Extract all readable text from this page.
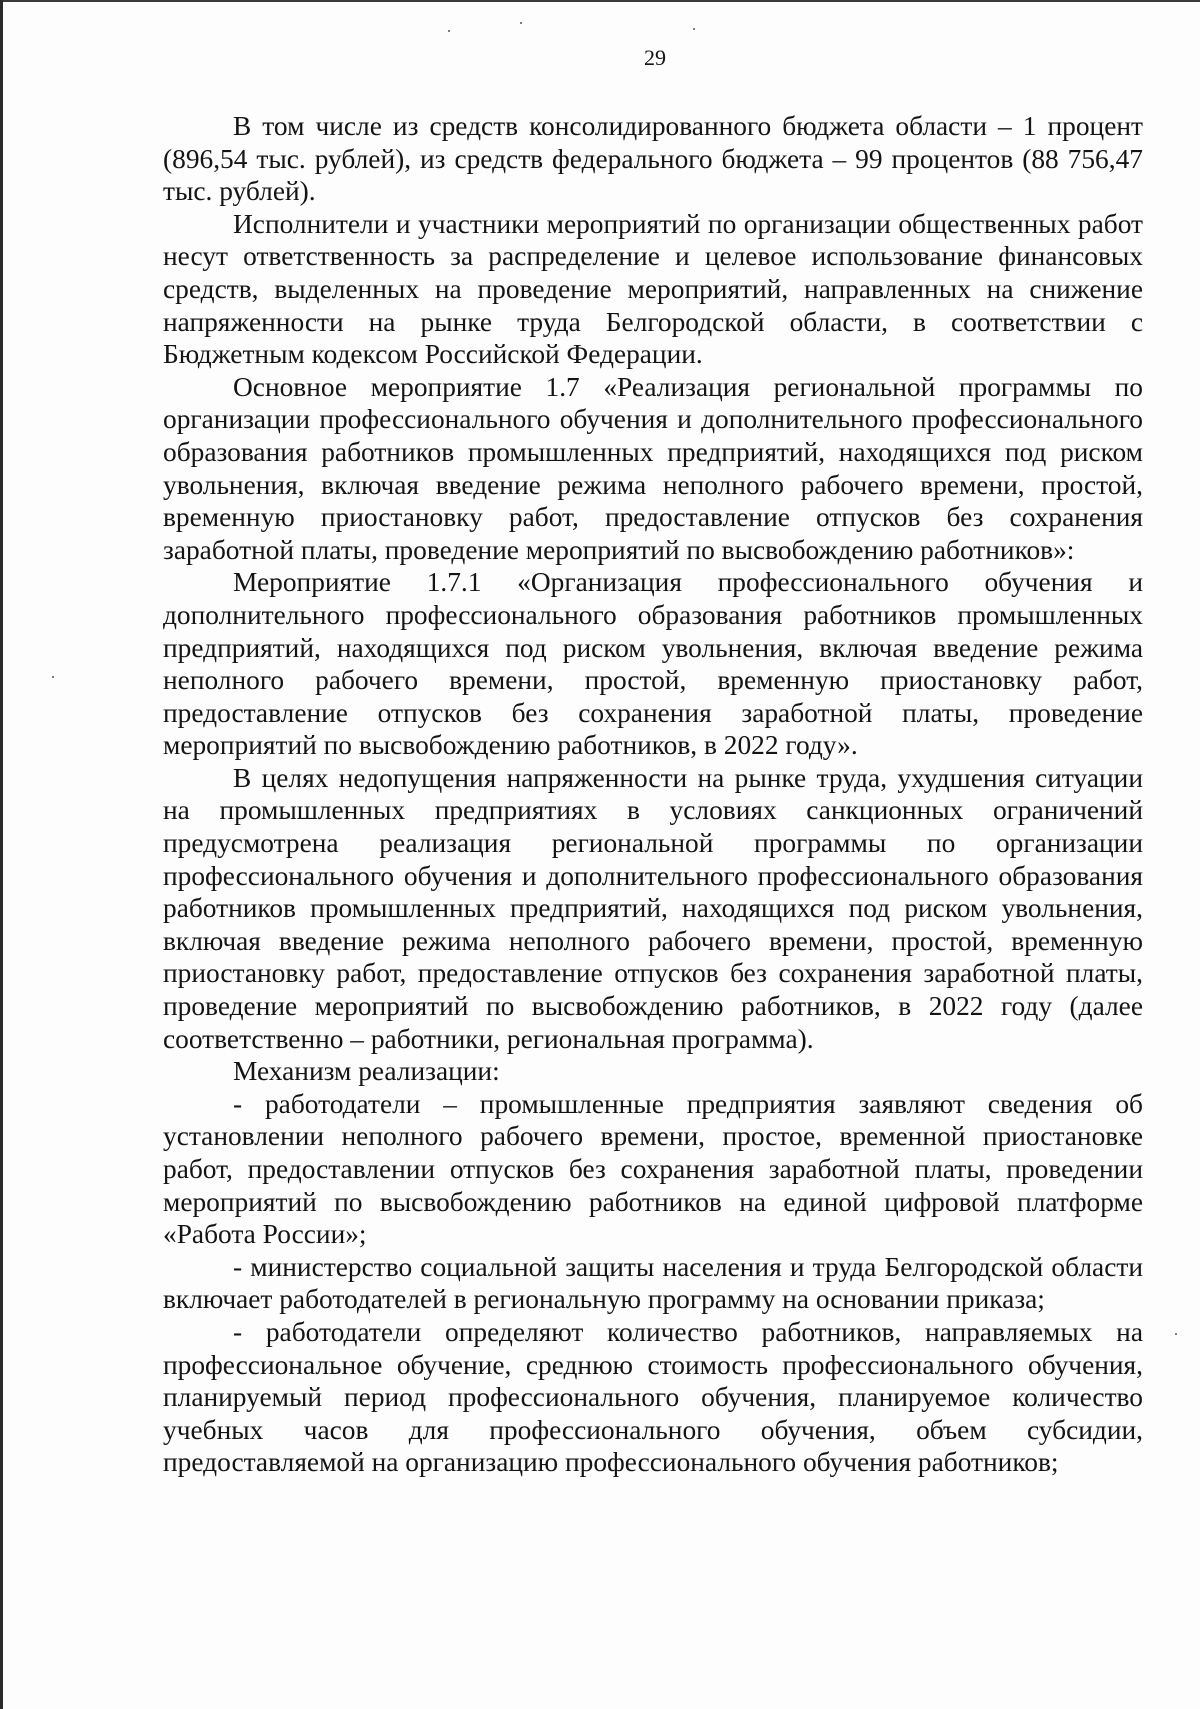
29

В том числе из средств консолидированного бюджета области – 1 процент (896,54 тыс. рублей), из средств федерального бюджета – 99 процентов (88 756,47 тыс. рублей).

Исполнители и участники мероприятий по организации общественных работ несут ответственность за распределение и целевое использование финансовых средств, выделенных на проведение мероприятий, направленных на снижение напряженности на рынке труда Белгородской области, в соответствии с Бюджетным кодексом Российской Федерации.

Основное мероприятие 1.7 «Реализация региональной программы по организации профессионального обучения и дополнительного профессионального образования работников промышленных предприятий, находящихся под риском увольнения, включая введение режима неполного рабочего времени, простой, временную приостановку работ, предоставление отпусков без сохранения заработной платы, проведение мероприятий по высвобождению работников»:

Мероприятие 1.7.1 «Организация профессионального обучения и дополнительного профессионального образования работников промышленных предприятий, находящихся под риском увольнения, включая введение режима неполного рабочего времени, простой, временную приостановку работ, предоставление отпусков без сохранения заработной платы, проведение мероприятий по высвобождению работников, в 2022 году».

В целях недопущения напряженности на рынке труда, ухудшения ситуации на промышленных предприятиях в условиях санкционных ограничений предусмотрена реализация региональной программы по организации профессионального обучения и дополнительного профессионального образования работников промышленных предприятий, находящихся под риском увольнения, включая введение режима неполного рабочего времени, простой, временную приостановку работ, предоставление отпусков без сохранения заработной платы, проведение мероприятий по высвобождению работников, в 2022 году (далее соответственно – работники, региональная программа).

Механизм реализации:

- работодатели – промышленные предприятия заявляют сведения об установлении неполного рабочего времени, простое, временной приостановке работ, предоставлении отпусков без сохранения заработной платы, проведении мероприятий по высвобождению работников на единой цифровой платформе «Работа России»;

- министерство социальной защиты населения и труда Белгородской области включает работодателей в региональную программу на основании приказа;

- работодатели определяют количество работников, направляемых на профессиональное обучение, среднюю стоимость профессионального обучения, планируемый период профессионального обучения, планируемое количество учебных часов для профессионального обучения, объем субсидии, предоставляемой на организацию профессионального обучения работников;
